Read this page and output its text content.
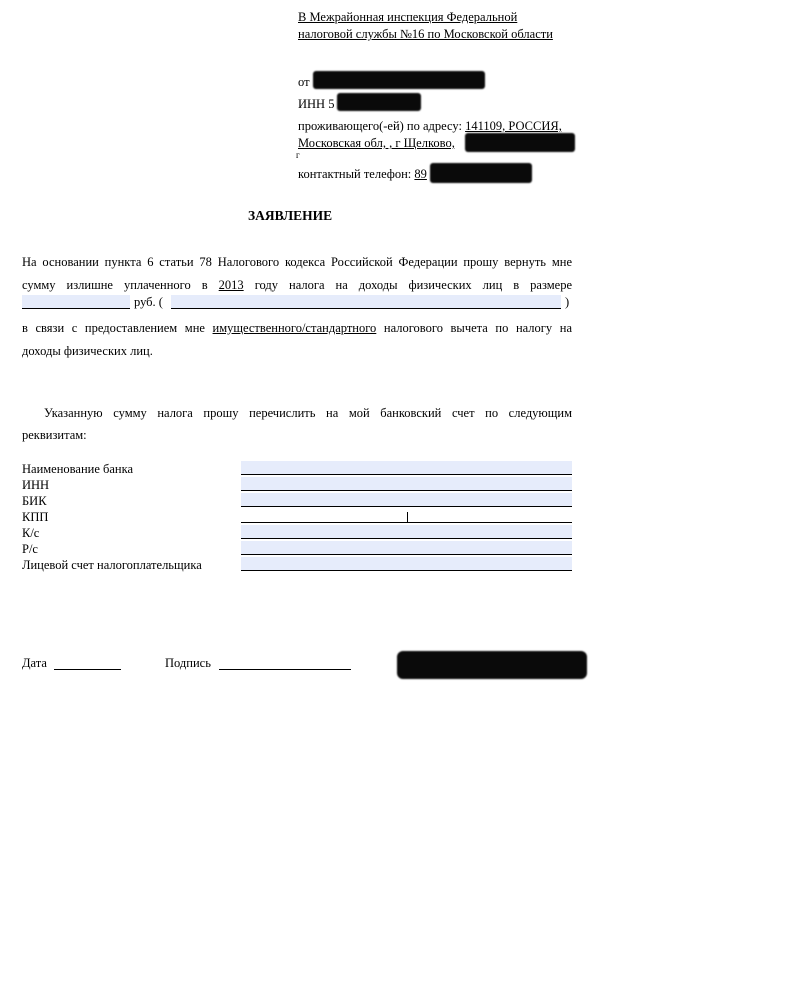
В Межрайонная инспекция Федеральной
налоговой службы №16 по Московской области
от
ИНН 5
проживающего(-ей) по адресу: 141109, РОССИЯ,
Московская обл, , г Щелково,
г
контактный телефон: 89
ЗАЯВЛЕНИЕ
На основании пункта 6 статьи 78 Налогового кодекса Российской Федерации прошу вернуть мне
сумму излишне уплаченного в 2013 году налога на доходы физических лиц в размере
руб. (	)
в связи с предоставлением мне имущественного/стандартного налогового вычета по налогу на
доходы физических лиц.
Указанную сумму налога прошу перечислить на мой банковский счет по следующим
реквизитам:
Наименование банка
ИНН
БИК
КПП
К/с
Р/с
Лицевой счет налогоплательщика
Дата	Подпись
